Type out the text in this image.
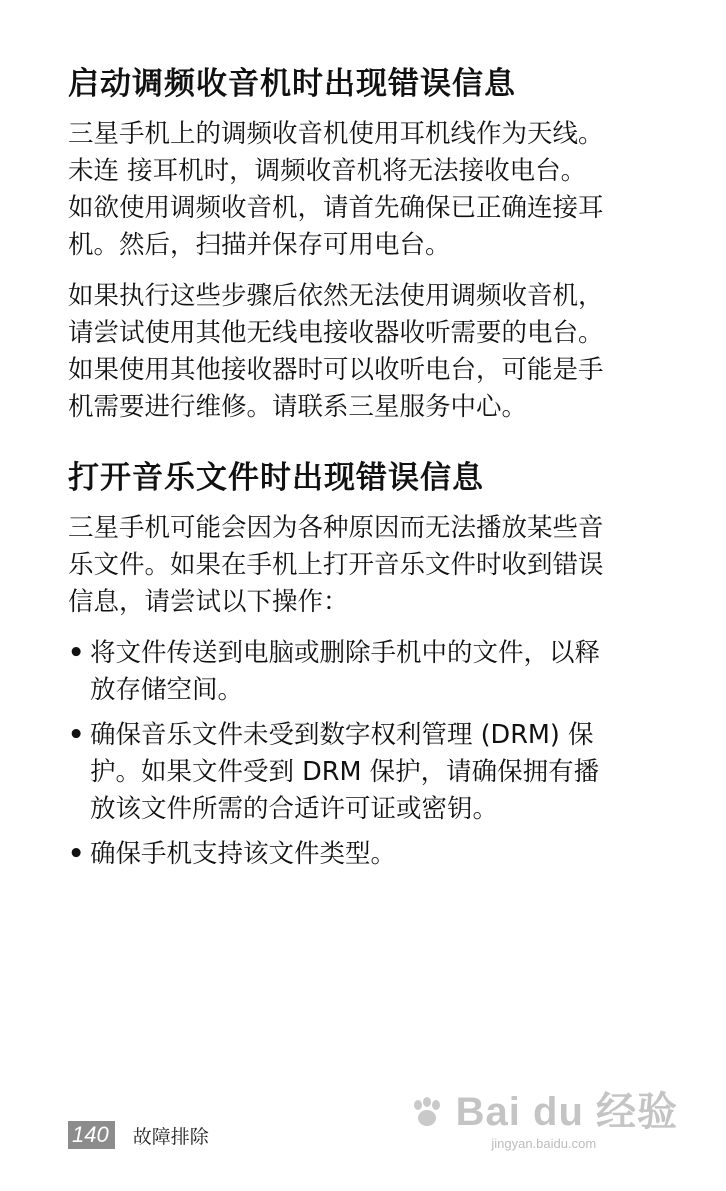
启动调频收音机时出现错误信息

三星手机上的调频收音机使用耳机线作为天线。
未连 接耳机时，调频收音机将无法接收电台。
如欲使用调频收音机，请首先确保已正确连接耳
机。然后，扫描并保存可用电台。

如果执行这些步骤后依然无法使用调频收音机，
请尝试使用其他无线电接收器收听需要的电台。
如果使用其他接收器时可以收听电台，可能是手
机需要进行维修。请联系三星服务中心。

打开音乐文件时出现错误信息

三星手机可能会因为各种原因而无法播放某些音
乐文件。如果在手机上打开音乐文件时收到错误
信息，请尝试以下操作：

• 将文件传送到电脑或删除手机中的文件，以释
放存储空间。
• 确保音乐文件未受到数字权利管理 (DRM) 保
护。如果文件受到 DRM 保护，请确保拥有播
放该文件所需的合适许可证或密钥。
• 确保手机支持该文件类型。
140	故障排除
Bai du 经验
jingyan.baidu.com
